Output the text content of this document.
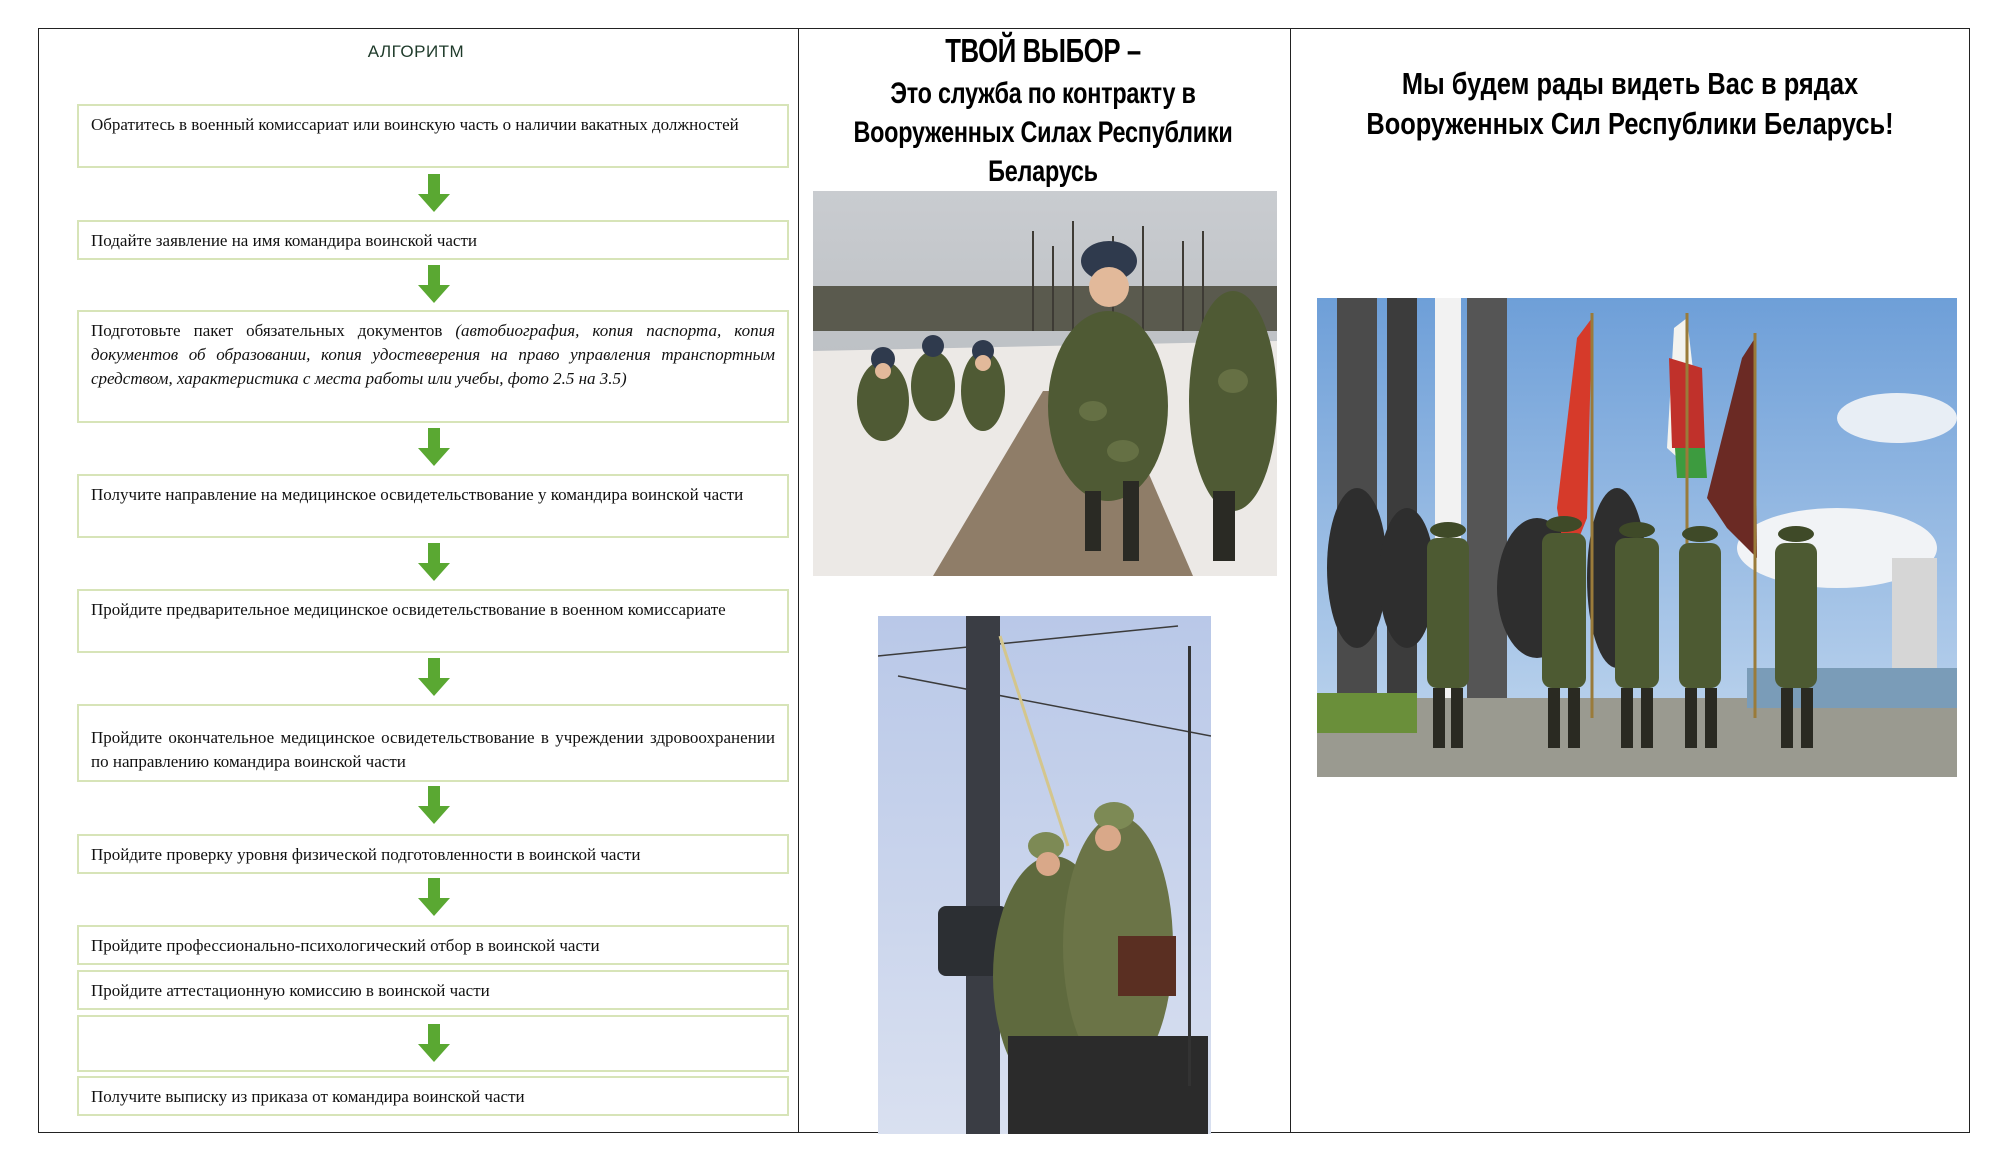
АЛГОРИТМ
Обратитесь в военный комиссариат или воинскую часть о наличии вакатных должностей
Подайте заявление на имя командира воинской части
Подготовьте пакет обязательных документов (автобиография, копия паспорта, копия документов об образовании, копия удостеверения на право управления транспортным средством, характеристика с места работы или учебы, фото 2.5 на 3.5)
Получите направление на медицинское освидетельствование у командира воинской части
Пройдите предварительное медицинское освидетельствование в военном комиссариате
Пройдите окончательное медицинское освидетельствование в учреждении здровоохранении по направлению командира воинской части
Пройдите проверку уровня физической подготовленности в воинской части
Пройдите профессионально-психологический отбор в воинской части
Пройдите аттестационную комиссию в воинской части
Получите выписку из приказа от командира воинской части
ТВОЙ ВЫБОР –
Это служба по контракту в Вооруженных Силах Республики Беларусь
Мы будем рады видеть Вас в рядах Вооруженных Сил Республики Беларусь!
